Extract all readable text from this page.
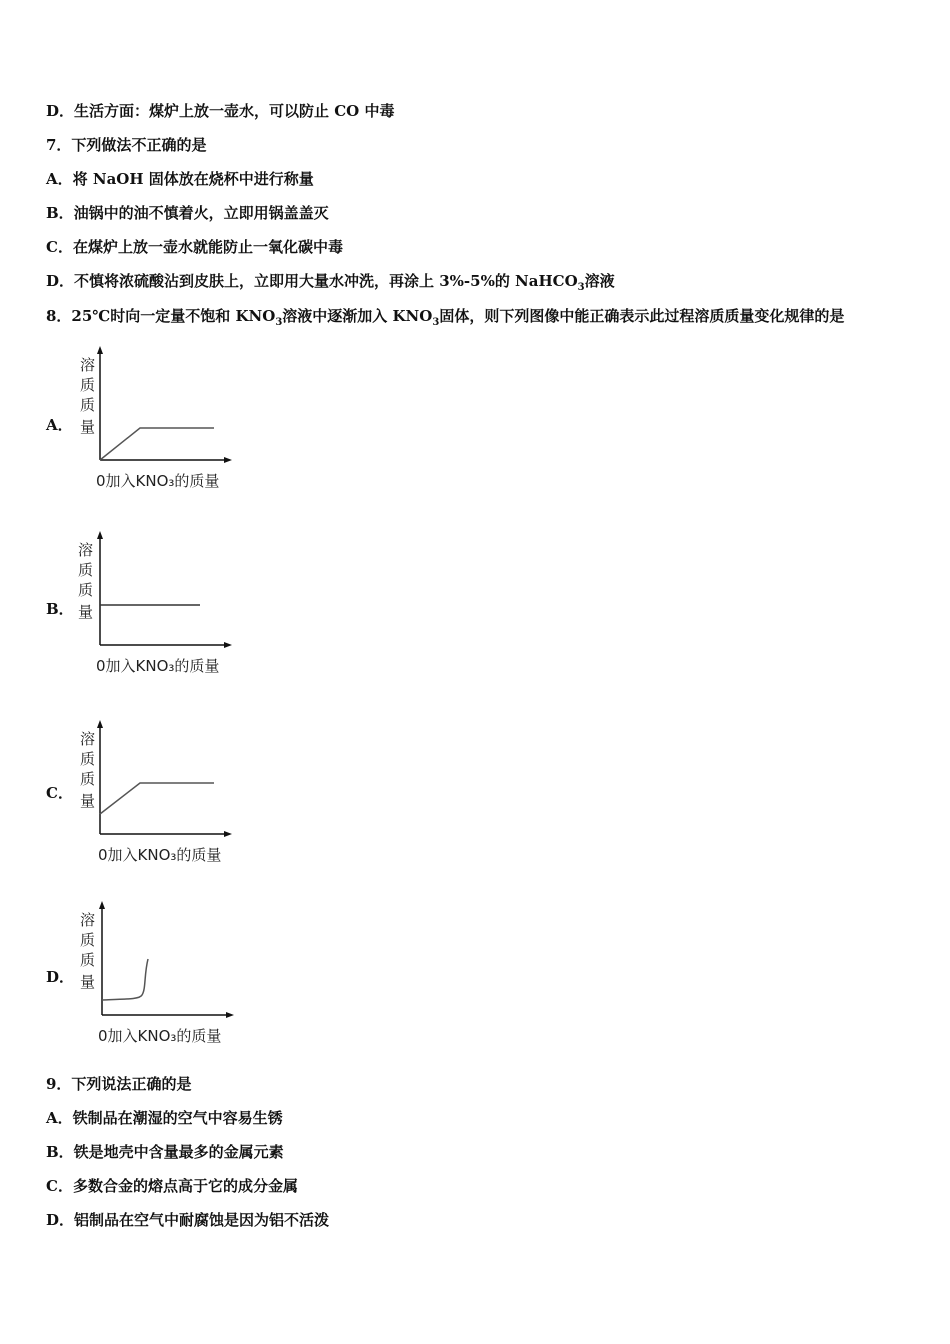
D．生活方面：煤炉上放一壶水，可以防止 CO 中毒
7．下列做法不正确的是
A．将 NaOH 固体放在烧杯中进行称量
B．油锅中的油不慎着火，立即用锅盖盖灭
C．在煤炉上放一壶水就能防止一氧化碳中毒
D．不慎将浓硫酸沾到皮肤上，立即用大量水冲洗，再涂上 3%-5%的 NaHCO$_3$溶液
8．25℃时向一定量不饱和 $KNO_3$溶液中逐渐加入 $KNO_3$固体，则下列图像中能正确表示此过程溶质质量变化规律的是
A．
溶
质
质
量
0加入KNO₃的质量
B．
溶
质
质
量
0加入KNO₃的质量
C．
溶
质
质
量
0加入KNO₃的质量
D．
溶
质
质
量
0加入KNO₃的质量
9．下列说法正确的是
A．铁制品在潮湿的空气中容易生锈
B．铁是地壳中含量最多的金属元素
C．多数合金的熔点高于它的成分金属
D．铝制品在空气中耐腐蚀是因为铝不活泼
